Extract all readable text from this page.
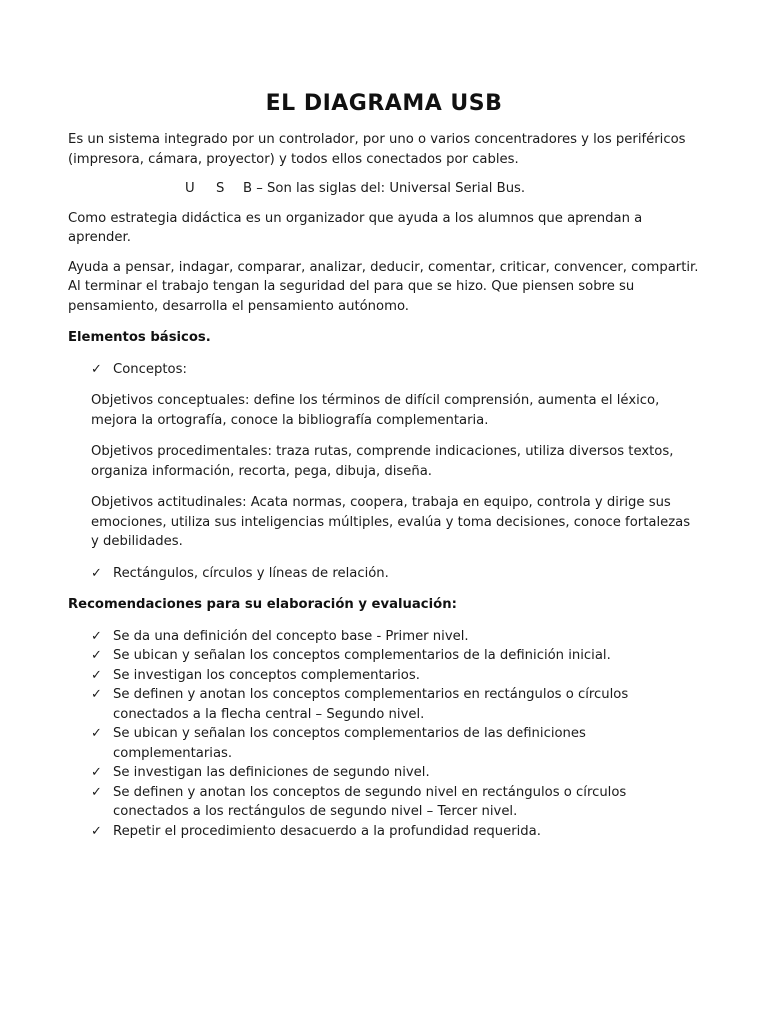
EL DIAGRAMA USB

Es un sistema integrado por un controlador, por uno o varios concentradores y los periféricos (impresora, cámara, proyector) y todos ellos conectados por cables.

U S B – Son las siglas del: Universal Serial Bus.

Como estrategia didáctica es un organizador que ayuda a los alumnos que aprendan a aprender.

Ayuda a pensar, indagar, comparar, analizar, deducir, comentar, criticar, convencer, compartir. Al terminar el trabajo tengan la seguridad del para que se hizo. Que piensen sobre su pensamiento, desarrolla el pensamiento autónomo.

Elementos básicos.

✓ Conceptos:

Objetivos conceptuales: define los términos de difícil comprensión, aumenta el léxico, mejora la ortografía, conoce la bibliografía complementaria.

Objetivos procedimentales: traza rutas, comprende indicaciones, utiliza diversos textos, organiza información, recorta, pega, dibuja, diseña.

Objetivos actitudinales: Acata normas, coopera, trabaja en equipo, controla y dirige sus emociones, utiliza sus inteligencias múltiples, evalúa y toma decisiones, conoce fortalezas y debilidades.

✓ Rectángulos, círculos y líneas de relación.

Recomendaciones para su elaboración y evaluación:
✓ Se da una definición del concepto base - Primer nivel.
✓ Se ubican y señalan los conceptos complementarios de la definición inicial.
✓ Se investigan los conceptos complementarios.
✓ Se definen y anotan los conceptos complementarios en rectángulos o círculos conectados a la flecha central – Segundo nivel.
✓ Se ubican y señalan los conceptos complementarios de las definiciones complementarias.
✓ Se investigan las definiciones de segundo nivel.
✓ Se definen y anotan los conceptos de segundo nivel en rectángulos o círculos conectados a los rectángulos de segundo nivel – Tercer nivel.
✓ Repetir el procedimiento desacuerdo a la profundidad requerida.
